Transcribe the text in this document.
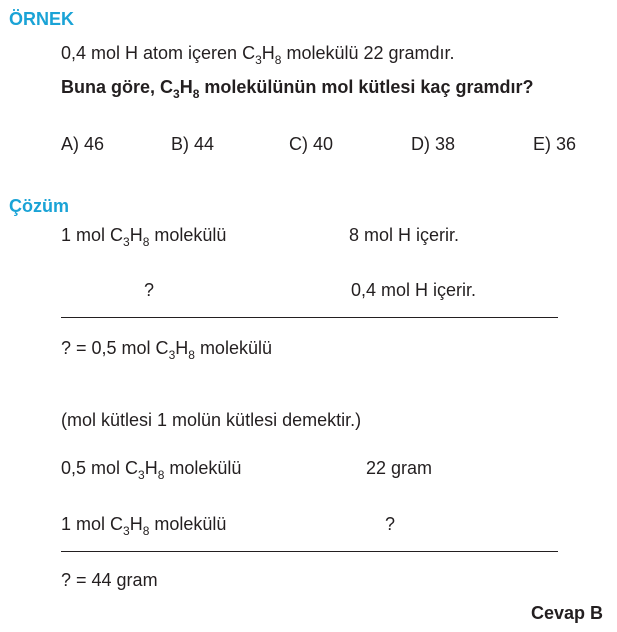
ÖRNEK
0,4 mol H atom içeren $C_3H_8$ molekülü 22 gramdır.
Buna göre, $C_3H_8$ molekülünün mol kütlesi kaç gramdır?
A) 46	B) 44	C) 40	D) 38	E) 36
Çözüm
1 mol $C_3H_8$ molekülü	8 mol H içerir.
?	0,4 mol H içerir.
? = 0,5 mol $C_3H_8$ molekülü
(mol kütlesi 1 molün kütlesi demektir.)
0,5 mol $C_3H_8$ molekülü	22 gram
1 mol $C_3H_8$ molekülü	?
? = 44 gram
Cevap B
